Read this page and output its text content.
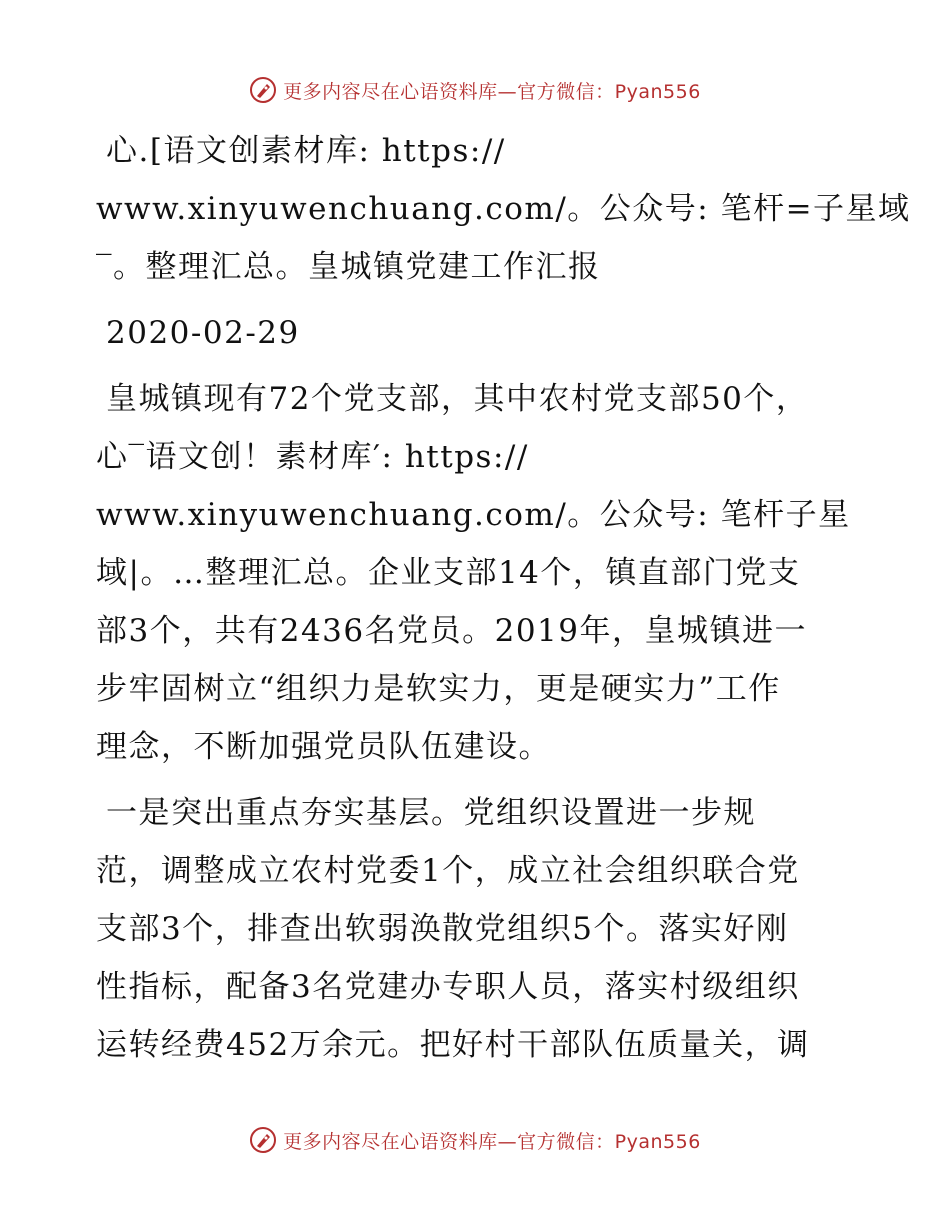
更多内容尽在心语资料库—官方微信：Pyan556

心.[语文创素材库: https://
www.xinyuwenchuang.com/。公众号: 笔杆=子星域
‾。整理汇总。皇城镇党建工作汇报

2020-02-29

皇城镇现有72个党支部，其中农村党支部50个，
心‾语文创！素材库′: https://
www.xinyuwenchuang.com/。公众号: 笔杆子星
域|。…整理汇总。企业支部14个，镇直部门党支
部3个，共有2436名党员。2019年，皇城镇进一
步牢固树立“组织力是软实力，更是硬实力”工作
理念，不断加强党员队伍建设。

一是突出重点夯实基层。党组织设置进一步规
范，调整成立农村党委1个，成立社会组织联合党
支部3个，排查出软弱涣散党组织5个。落实好刚
性指标，配备3名党建办专职人员，落实村级组织
运转经费452万余元。把好村干部队伍质量关，调

更多内容尽在心语资料库—官方微信：Pyan556
